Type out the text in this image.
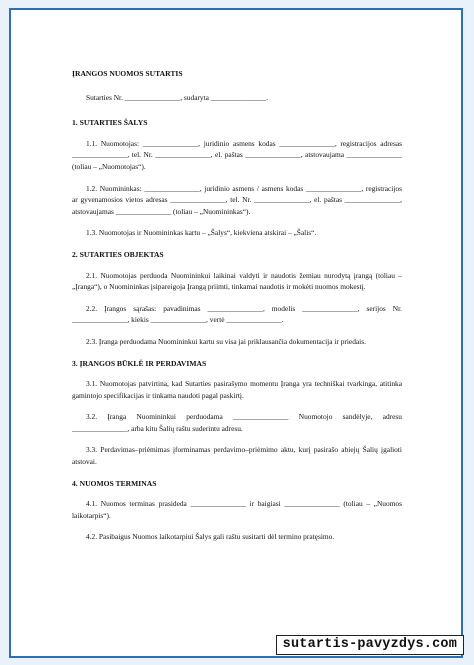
ĮRANGOS NUOMOS SUTARTIS
Sutarties Nr. _______________, sudaryta _______________.
1. SUTARTIES ŠALYS
1.1. Nuomotojas: _______________, juridinio asmens kodas _______________, registracijos adresas _______________, tel. Nr. _______________, el. paštas _______________, atstovaujama _______________ (toliau – „Nuomotojas“).
1.2. Nuomininkas: _______________, juridinio asmens / asmens kodas _______________, registracijos ar gyvenamosios vietos adresas _______________, tel. Nr. _______________, el. paštas _______________, atstovaujamas _______________ (toliau – „Nuomininkas“).
1.3. Nuomotojas ir Nuomininkas kartu – „Šalys“, kiekviena atskirai – „Šalis“.
2. SUTARTIES OBJEKTAS
2.1. Nuomotojas perduoda Nuomininkui laikinai valdyti ir naudotis žemiau nurodytą įrangą (toliau – „Įranga“), o Nuomininkas įsipareigoja Įrangą priimti, tinkamai naudotis ir mokėti nuomos mokestį.
2.2. Įrangos sąrašas: pavadinimas _______________, modelis _______________, serijos Nr. _______________, kiekis _______________, vertė _______________.
2.3. Įranga perduodama Nuomininkui kartu su visa jai priklausančia dokumentacija ir priedais.
3. ĮRANGOS BŪKLĖ IR PERDAVIMAS
3.1. Nuomotojas patvirtina, kad Sutarties pasirašymo momentu Įranga yra techniškai tvarkinga, atitinka gamintojo specifikacijas ir tinkama naudoti pagal paskirtį.
3.2. Įranga Nuomininkui perduodama _______________ Nuomotojo sandėlyje, adresu _______________, arba kitu Šalių raštu suderintu adresu.
3.3. Perdavimas–priėmimas įforminamas perdavimo–priėmimo aktu, kurį pasirašo abiejų Šalių įgalioti atstovai.
4. NUOMOS TERMINAS
4.1. Nuomos terminas prasideda _______________ ir baigiasi _______________ (toliau – „Nuomos laikotarpis“).
4.2. Pasibaigus Nuomos laikotarpiui Šalys gali raštu susitarti dėl termino pratęsimo.
sutartis-pavyzdys.com
